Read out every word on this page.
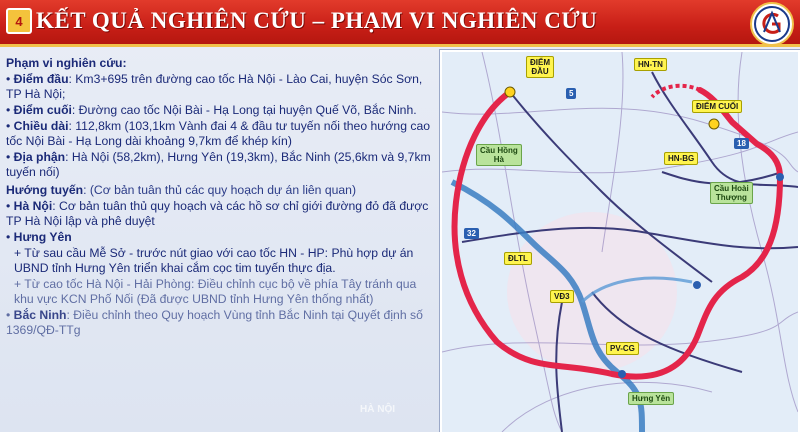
4 KẾT QUẢ NGHIÊN CỨU – PHẠM VI NGHIÊN CỨU
Phạm vi nghiên cứu:
• Điểm đầu: Km3+695 trên đường cao tốc Hà Nội - Lào Cai, huyện Sóc Sơn, TP Hà Nội;
• Điểm cuối: Đường cao tốc Nội Bài - Hạ Long tại huyện Quế Võ, Bắc Ninh.
• Chiều dài: 112,8km (103,1km Vành đai 4 & đầu tư tuyến nối theo hướng cao tốc Nội Bài - Hạ Long dài khoảng 9,7km để khép kín)
• Địa phận: Hà Nội (58,2km), Hưng Yên (19,3km), Bắc Ninh (25,6km và 9,7km tuyến nối)
Hướng tuyến: (Cơ bản tuân thủ các quy hoạch dự án liên quan)
• Hà Nội: Cơ bản tuân thủ quy hoạch và các hồ sơ chỉ giới đường đỏ đã được TP Hà Nội lập và phê duyệt
• Hưng Yên
+ Từ sau cầu Mễ Sở - trước nút giao với cao tốc HN - HP: Phù hợp dự án UBND tỉnh Hưng Yên triển khai cắm cọc tim tuyến thực địa.
+ Từ cao tốc Hà Nội - Hải Phòng: Điều chỉnh cục bộ về phía Tây tránh qua khu vực KCN Phố Nối (Đã được UBND tỉnh Hưng Yên thống nhất)
• Bắc Ninh: Điều chỉnh theo Quy hoạch Vùng tỉnh Bắc Ninh tại Quyết định số 1369/QĐ-TTg
ĐIỂM
ĐẦU
ĐIỂM CUỐI
HN-TN
HN-BG
Cầu Hồng
Hà
Cầu Hoài
Thượng
ĐLTL
VĐ3
PV-CG
18
5
32
Hưng Yên
HÀ NỘI
